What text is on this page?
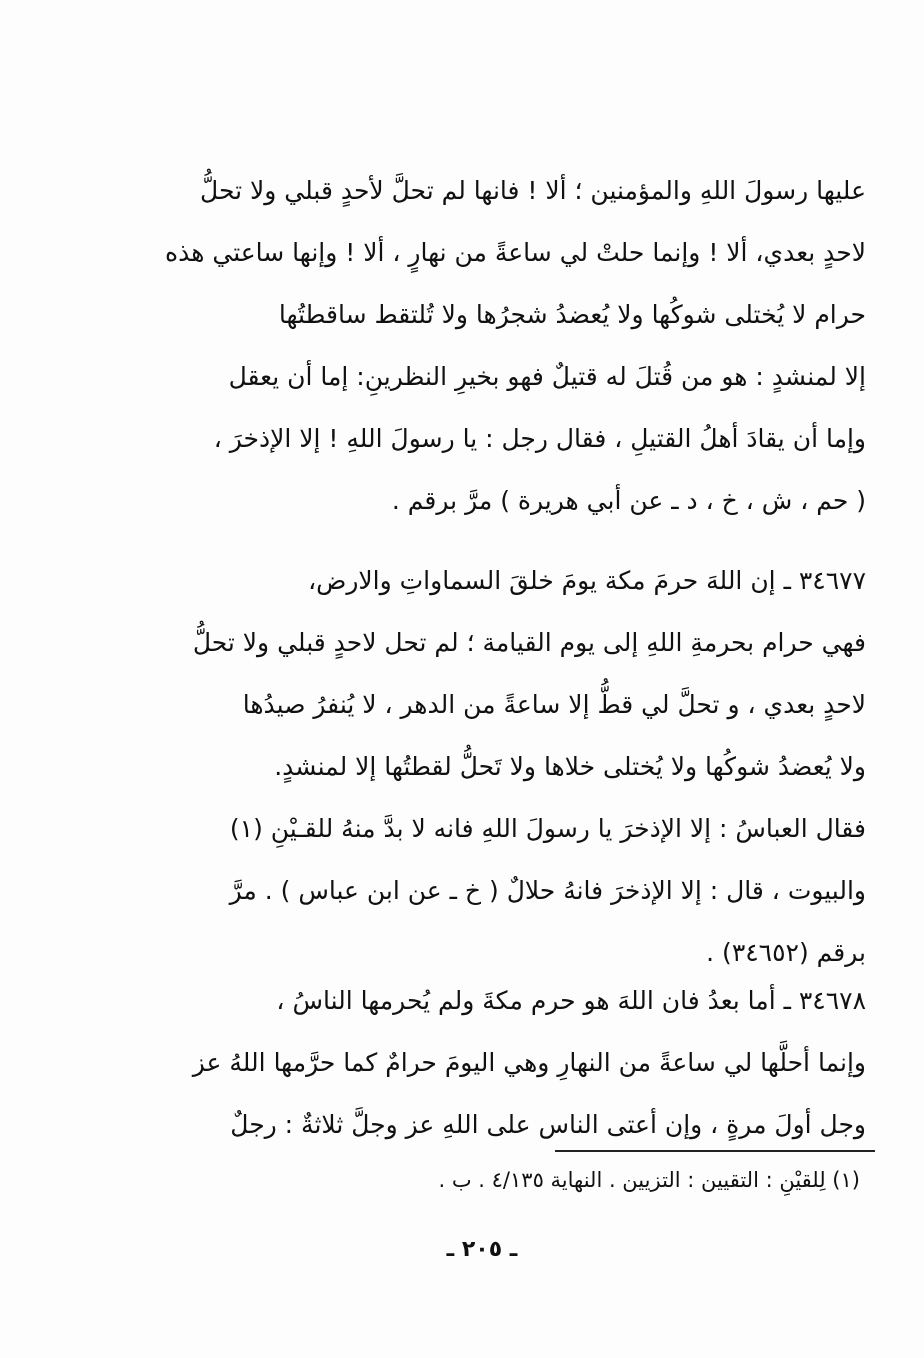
عليها رسولَ اللهِ والمؤمنين ؛ ألا ! فانها لم تحلَّ لأحدٍ قبلي ولا تحلُّ
لاحدٍ بعدي، ألا ! وإنما حلتْ لي ساعةً من نهارٍ ، ألا ! وإنها ساعتي هذه
حرام لا يُختلى شوكُها ولا يُعضدُ شجرُها ولا تُلتقط ساقطتُها
إلا لمنشدٍ : هو من قُتلَ له قتيلٌ فهو بخيرِ النظرينِ: إما أن يعقل
وإما أن يقادَ أهلُ القتيلِ ، فقال رجل : يا رسولَ اللهِ ! إلا الإذخرَ ،
( حم ، ش ، خ ، د ـ عن أبي هريرة ) مرَّ برقم .
٣٤٦٧٧ ـ إن اللهَ حرمَ مكة يومَ خلقَ السماواتِ والارض،
فهي حرام بحرمةِ اللهِ إلى يوم القيامة ؛ لم تحل لاحدٍ قبلي ولا تحلُّ
لاحدٍ بعدي ، و تحلَّ لي قطُّ إلا ساعةً من الدهر ، لا يُنفرُ صيدُها
ولا يُعضدُ شوكُها ولا يُختلى خلاها ولا تَحلُّ لقطتُها إلا لمنشدٍ.
فقال العباسُ : إلا الإذخرَ يا رسولَ اللهِ فانه لا بدَّ منهُ للقـيْنِ (١)
والبيوت ، قال : إلا الإذخرَ فانهُ حلالٌ ( خ ـ عن ابن عباس ) . مرَّ
برقم (٣٤٦٥٢) .
٣٤٦٧٨ ـ أما بعدُ فان اللهَ هو حرم مكةَ ولم يُحرمها الناسُ ،
وإنما أحلَّها لي ساعةً من النهارِ وهي اليومَ حرامٌ كما حرَّمها اللهُ عز
وجل أولَ مرةٍ ، وإن أعتى الناس على اللهِ عز وجلَّ ثلاثةٌ : رجلٌ
(١) لِلقيْنِ : التقيين : التزيين . النهاية ٤/١٣٥ . ب .
ـ ٢٠٥ ـ
